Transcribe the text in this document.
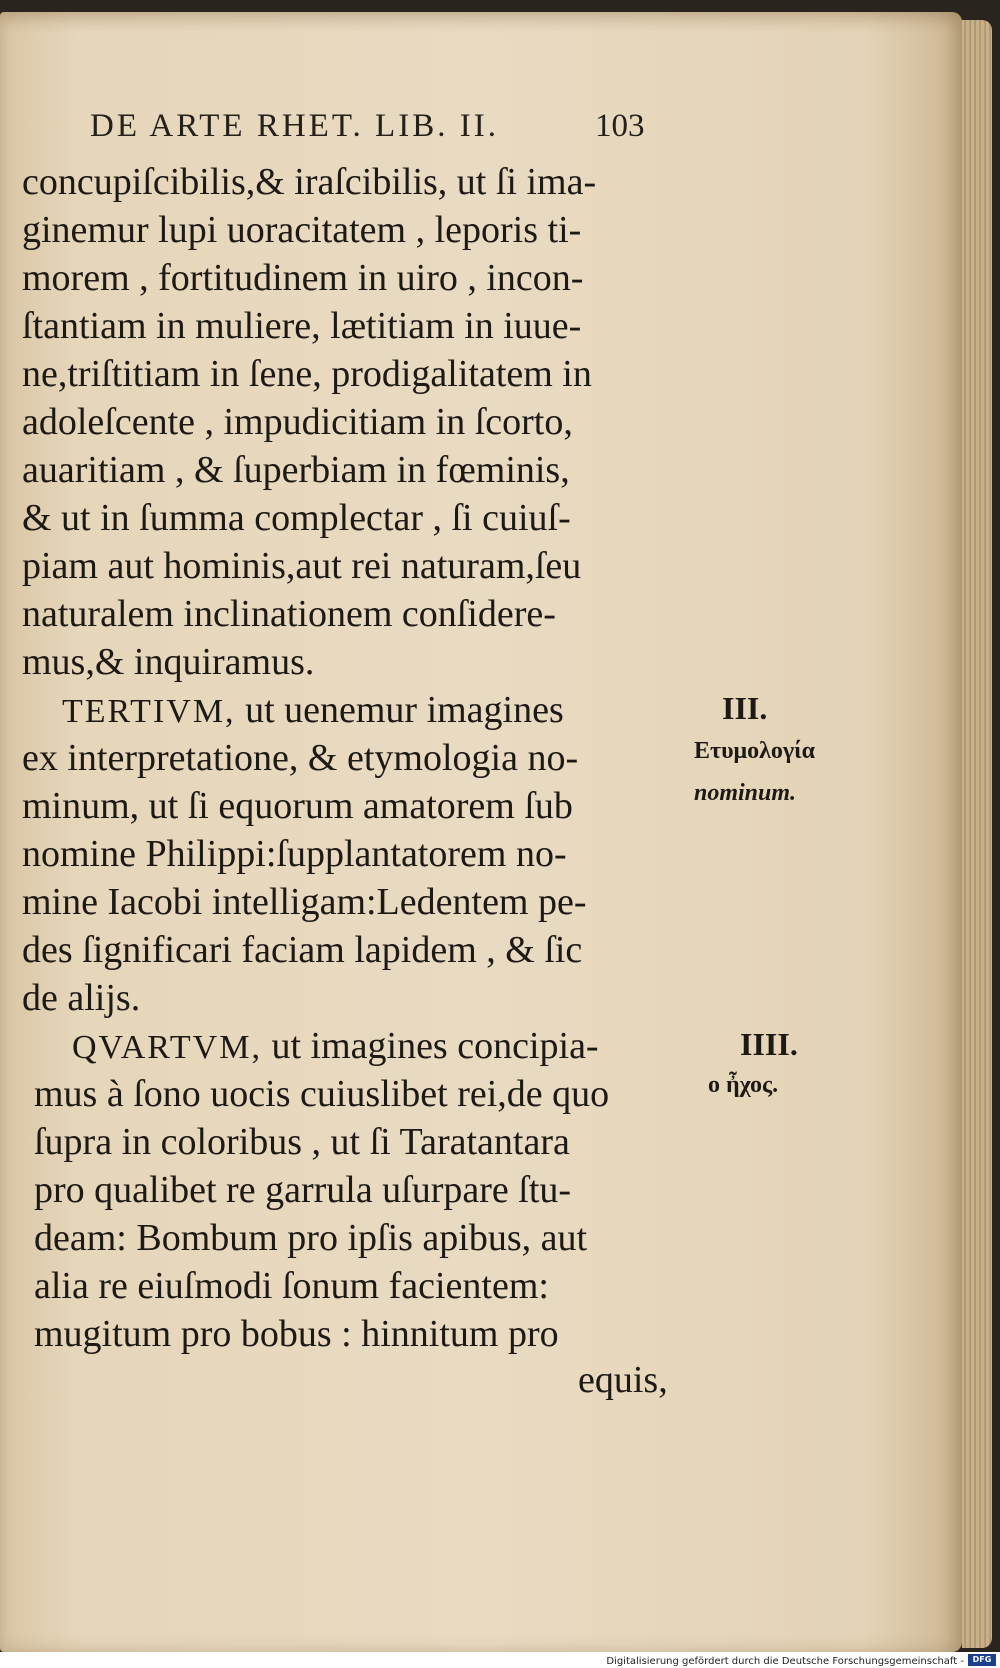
DE ARTE RHET. LIB. II.	103
concupiſcibilis,& iraſcibilis, ut ſi ima-
ginemur lupi uoracitatem , leporis ti-
morem , fortitudinem in uiro , incon-
ſtantiam in muliere, lætitiam in iuue-
ne,triſtitiam in ſene, prodigalitatem in
adoleſcente , impudicitiam in ſcorto,
auaritiam , & ſuperbiam in fœminis,
& ut in ſumma complectar , ſi cuiuſ-
piam aut hominis,aut rei naturam,ſeu
naturalem inclinationem conſidere-
mus,& inquiramus.
TERTIVM, ut uenemur imagines
ex interpretatione, & etymologia no-
minum, ut ſi equorum amatorem ſub
nomine Philippi:ſupplantatorem no-
mine Iacobi intelligam:Ledentem pe-
des ſignificari faciam lapidem , & ſic
de alijs.
III.
Ετυμολογία
nominum.
QVARTVM, ut imagines concipia-
mus à ſono uocis cuiuslibet rei,de quo
ſupra in coloribus , ut ſi Taratantara
pro qualibet re garrula uſurpare ſtu-
deam: Bombum pro ipſis apibus, aut
alia re eiuſmodi ſonum facientem:
mugitum pro bobus : hinnitum pro
IIII.
ο ἦχος.
equis,
Digitalisierung gefördert durch die Deutsche Forschungsgemeinschaft -	DFG
